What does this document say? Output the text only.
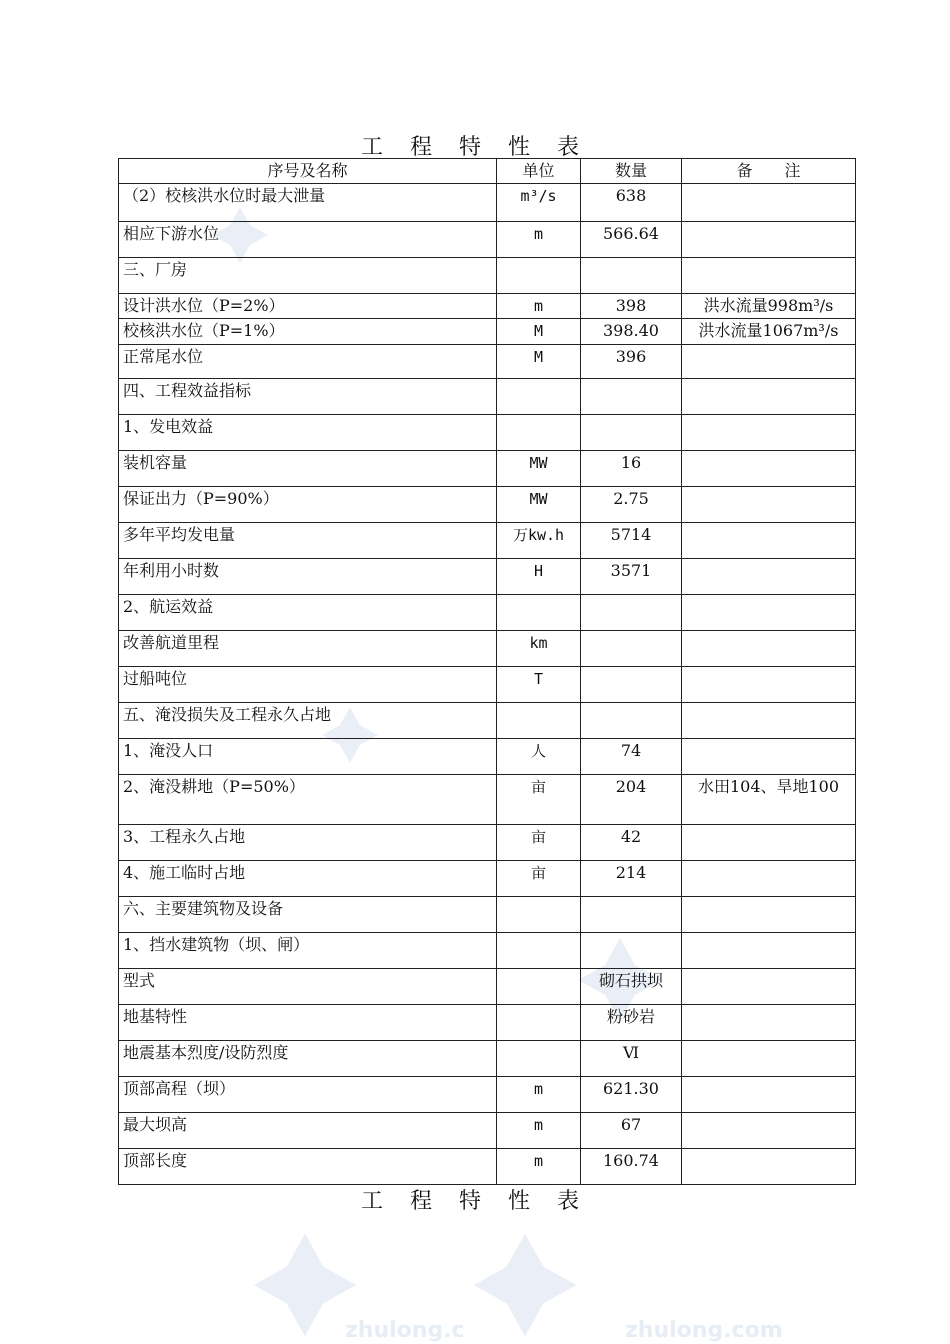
zhulong.c	zhulong.com
工 程 特 性 表
序号及名称	单位	数量	备　　注
（2）校核洪水位时最大泄量	m³/s	638	
相应下游水位	m	566.64	
三、厂房			
设计洪水位（P=2%）	m	398	洪水流量998m³/s
校核洪水位（P=1%）	M	398.40	洪水流量1067m³/s
正常尾水位	M	396	
四、工程效益指标			
1、发电效益			
装机容量	MW	16	
保证出力（P=90%）	MW	2.75	
多年平均发电量	万kw.h	5714	
年利用小时数	H	3571	
2、航运效益			
改善航道里程	km		
过船吨位	T		
五、淹没损失及工程永久占地			
1、淹没人口	人	74	
2、淹没耕地（P=50%）	亩	204	水田104、旱地100
3、工程永久占地	亩	42	
4、施工临时占地	亩	214	
六、主要建筑物及设备			
1、挡水建筑物（坝、闸）			
型式		砌石拱坝	
地基特性		粉砂岩	
地震基本烈度/设防烈度		Ⅵ	
顶部高程（坝）	m	621.30	
最大坝高	m	67	
顶部长度	m	160.74	
工 程 特 性 表
